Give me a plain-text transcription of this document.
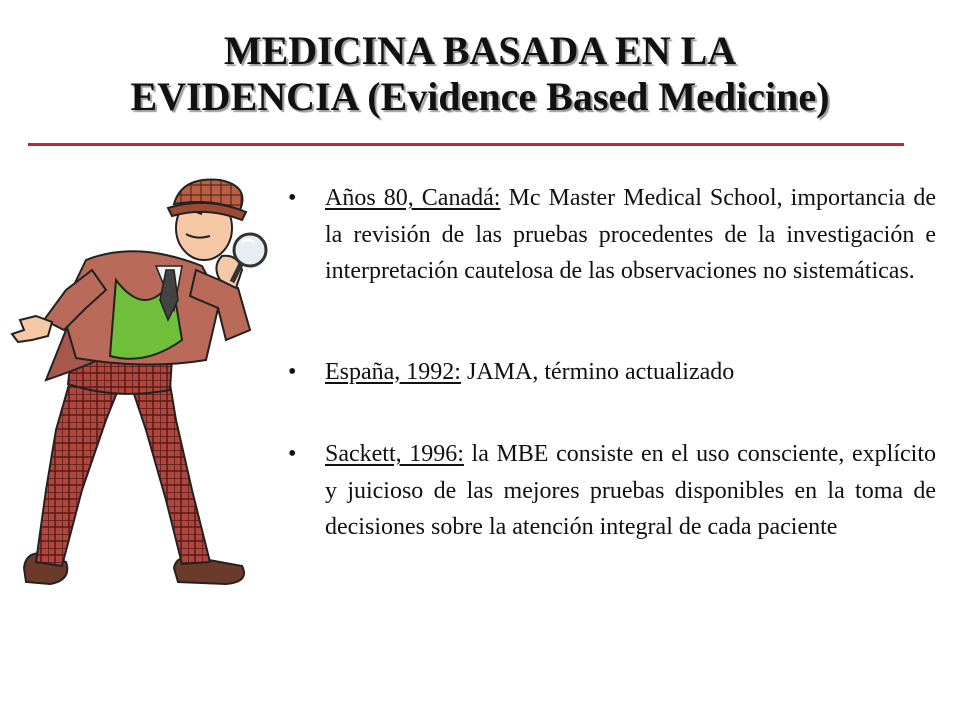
MEDICINA BASADA EN LA
EVIDENCIA (Evidence Based Medicine)
• Años 80, Canadá: Mc Master Medical School, importancia de la revisión de las pruebas procedentes de la investigación e interpretación cautelosa de las observaciones no sistemáticas.
• España, 1992: JAMA, término actualizado
• Sackett, 1996: la MBE consiste en el uso consciente, explícito y juicioso de las mejores pruebas disponibles en la toma de decisiones sobre la atención integral de cada paciente
